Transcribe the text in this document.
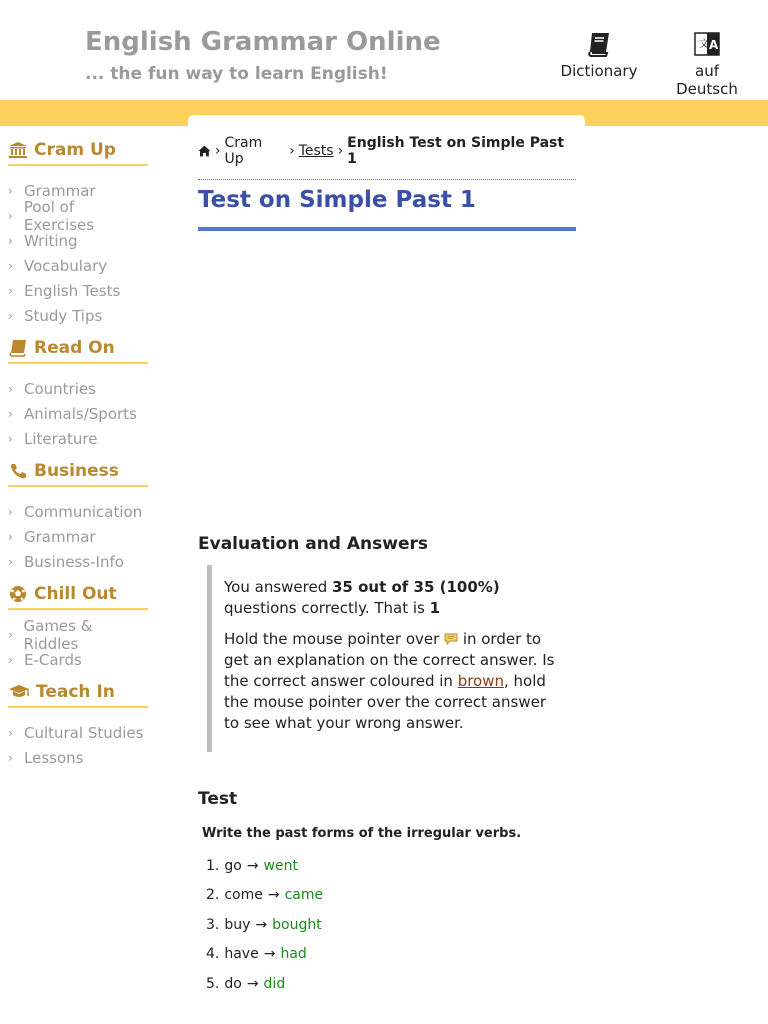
English Grammar Online
... the fun way to learn English!	Dictionary
文 A
auf Deutsch
Cram Up
› Grammar
› Pool of Exercises
› Writing
› Vocabulary
› English Tests
› Study Tips
Read On
› Countries
› Animals/Sports
› Literature
Business
› Communication
› Grammar
› Business-Info
Chill Out
› Games & Riddles
› E-Cards
Teach In
› Cultural Studies
› Lessons
› Cram Up	› Tests › English Test on Simple Past 1
Test on Simple Past 1
Evaluation and Answers

You answered 35 out of 35 (100%) questions correctly. That is 1

Hold the mouse pointer over  in order to get an explanation on the correct answer. Is the correct answer coloured in brown, hold the mouse pointer over the correct answer to see what your wrong answer.

Test
Write the past forms of the irregular verbs.
1. go → went
2. come → came
3. buy → bought
4. have → had
5. do → did
